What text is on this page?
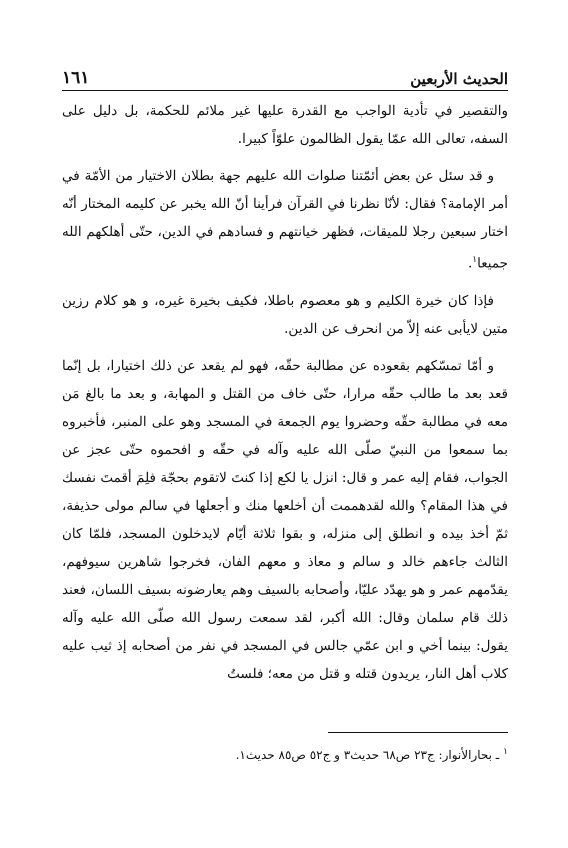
١٦١	الحديث الأربعين

والتقصير في تأدية الواجب مع القدرة عليها غير ملائم للحكمة، بل دليل على السفه، تعالى الله عمّا يقول الظالمون علوّاً كبيرا.

و قد سئل عن بعض أئمّتنا صلوات الله عليهم جهة بطلان الاختيار من الأمّة في أمر الإمامة؟ فقال: لأنّا نظرنا في القرآن فرأينا أنّ الله يخبر عن كليمه المختار أنّه اختار سبعين رجلا للميقات، فظهر خيانتهم و فسادهم في الدين، حتّى أهلكهم الله جميعا$^١$.

فإذا كان خيرة الكليم و هو معصوم باطلا، فكيف بخيرة غيره، و هو كلام رزين متين لايأبى عنه إلاّ من انحرف عن الدين.

و أمّا تمسّكهم بقعوده عن مطالبة حقّه، فهو لم يقعد عن ذلك اختيارا، بل إنّما قعد بعد ما طالب حقّه مرارا، حتّى خاف من القتل و المهابة، و بعد ما بالغ مَن معه في مطالبة حقّه وحضروا يوم الجمعة في المسجد وهو على المنبر، فأخبروه بما سمعوا من النبيّ صلّى الله عليه وآله في حقّه و افحموه حتّى عجز عن الجواب، فقام إليه عمر و قال: انزل يا لكع إذا كنتَ لاتقوم بحجّة فلِمَ أقمتَ نفسك في هذا المقام؟ والله لقدهممت أن أخلعها منك و أجعلها في سالم مولى حذيفة، ثمّ أخذ بيده و انطلق إلى منزله، و بقوا ثلاثة أيّام لايدخلون المسجد، فلمّا كان الثالث جاءهم خالد و سالم و معاذ و معهم الفان، فخرجوا شاهرين سيوفهم، يقدّمهم عمر و هو يهدّد عليّا، وأصحابه بالسيف وهم يعارضونه بسيف اللسان، فعند ذلك قام سلمان وقال: الله أكبر، لقد سمعت رسول الله صلّى الله عليه وآله يقول: بينما أخي و ابن عمّي جالس في المسجد في نفر من أصحابه إذ ثيب عليه كلاب أهل النار، يريدون قتله و قتل من معه؛ فلستُ

$^١$ ـ بحارالأنوار: ج٢٣ ص٦٨ حديث٣ و ج٥٢ ص٨٥ حديث١.
